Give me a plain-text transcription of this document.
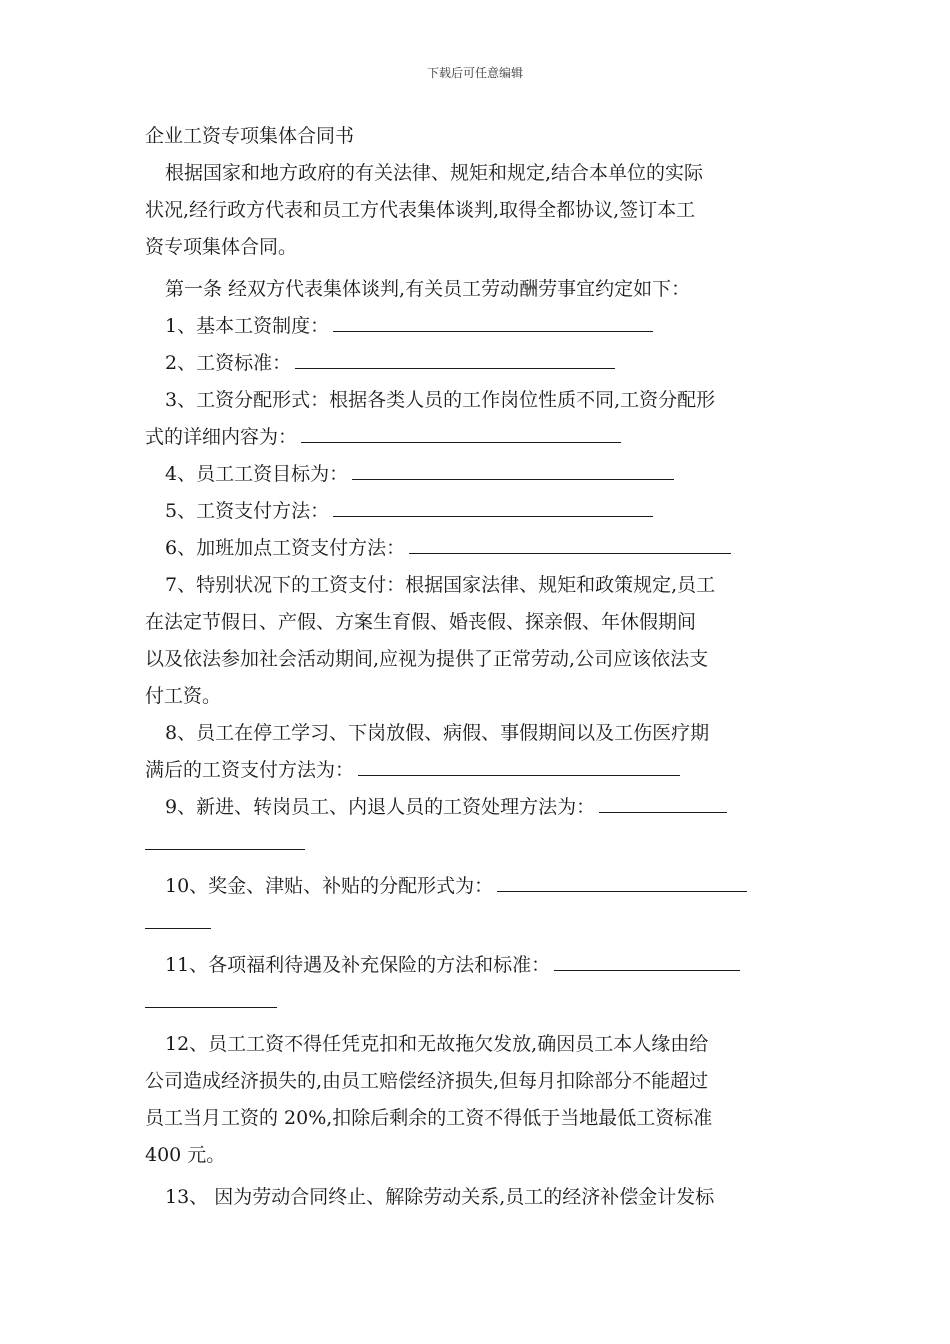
下载后可任意编辑
企业工资专项集体合同书
根据国家和地方政府的有关法律、规矩和规定,结合本单位的实际
状况,经行政方代表和员工方代表集体谈判,取得全都协议,签订本工
资专项集体合同。
第一条 经双方代表集体谈判,有关员工劳动酬劳事宜约定如下：
1、基本工资制度：
2、工资标准：
3、工资分配形式：根据各类人员的工作岗位性质不同,工资分配形
式的详细内容为：
4、员工工资目标为：
5、工资支付方法：
6、加班加点工资支付方法：
7、特别状况下的工资支付：根据国家法律、规矩和政策规定,员工
在法定节假日、产假、方案生育假、婚丧假、探亲假、年休假期间
以及依法参加社会活动期间,应视为提供了正常劳动,公司应该依法支
付工资。
8、员工在停工学习、下岗放假、病假、事假期间以及工伤医疗期
满后的工资支付方法为：
9、新进、转岗员工、内退人员的工资处理方法为：
10、奖金、津贴、补贴的分配形式为：
11、各项福利待遇及补充保险的方法和标准：
12、员工工资不得任凭克扣和无故拖欠发放,确因员工本人缘由给
公司造成经济损失的,由员工赔偿经济损失,但每月扣除部分不能超过
员工当月工资的 20%,扣除后剩余的工资不得低于当地最低工资标准
400 元。
13、 因为劳动合同终止、解除劳动关系,员工的经济补偿金计发标
